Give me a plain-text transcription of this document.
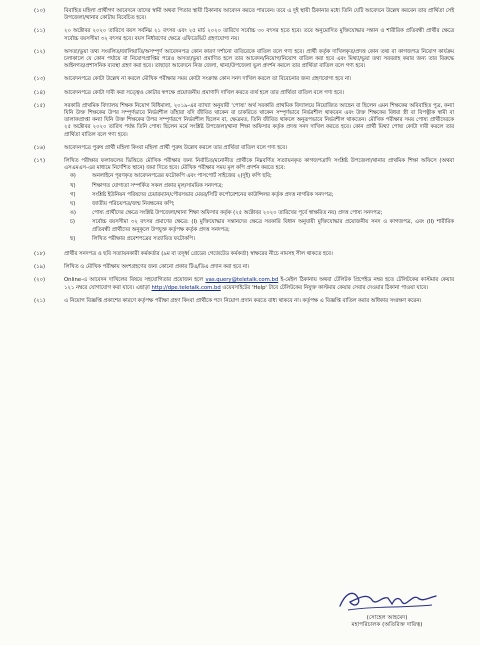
(১০)	বিবাহিত মহিলা প্রার্থীগণ আবেদনে তাদের স্বামী অথবা পিতার স্থায়ী ঠিকানায় আবেদন করতে পারবেন। তবে এ দুই স্থায়ী ঠিকানার মধ্যে তিনি যেটি আবেদনে উল্লেখ করবেন তার প্রার্থিতা সেই উপজেলা/থানার কোটায় বিবেচিত হবে।
(১১)	২০ অক্টোবর ২০২০ তারিখে বয়স সর্বনিম্ন ২১ বৎসর এবং ২৫ মার্চ ২০২০ তারিখে সর্বোচ্চ ৩০ বৎসর হতে হবে। তবে অনুমোদিত মুক্তিযোদ্ধার সন্তান ও শারীরিক প্রতিবন্ধী প্রার্থীর ক্ষেত্রে সর্বোচ্চ বয়সসীমা ৩২ বৎসর হবে। বয়স নির্ধারণের ক্ষেত্রে এফিডেভিট গ্রহণযোগ্য নয়।
(১২)	অসত্য/ভুয়া তথ্য সংবলিত/জালিয়াতি/অসম্পূর্ণ আবেদনপত্র কোন কারণ দর্শানো ব্যতিরেকে বাতিল বলে গণ্য হবে। প্রার্থী কর্তৃক দাখিলকৃত/প্রদত্ত কোন তথ্য বা কাগজপত্র নিয়োগ কার্যক্রম চলাকালে যে কোন পর্যায়ে বা নিয়োগপ্রাপ্তির পরেও অসত্য/ভুয়া প্রমাণিত হলে তার আবেদন/নিয়োগ/নিয়োগ বাতিল করা হবে এবং মিথ্যা/ভুয়া তথ্য সরবরাহ করার জন্য তার বিরুদ্ধে আইনগত/প্রশাসনিক ব্যবস্থা গ্রহণ করা হবে। তাছাড়া আবেদনে নিজ জেলা, থানা/উপজেলা ভুল প্রদর্শন করলে তার প্রার্থিতা বাতিল বলে গণ্য হবে।
(১৩)	আবেদনপত্রে কোটা উল্লেখ না করলে মৌখিক পরীক্ষার সময় কোটা সংক্রান্ত কোন সনদ দাখিল করলে তা বিবেচনার জন্য গ্রহণযোগ্য হবে না।
(১৪)	আবেদনপত্রে কোটা দাবী করা সত্ত্বেও কোটার স্বপক্ষে প্রয়োজনীয় প্রমাণাদি দাখিল করতে ব্যর্থ হলে তার প্রার্থিতা বাতিল বলে গণ্য হবে।
(১৫)	সরকারি প্রাথমিক বিদ্যালয় শিক্ষক নিয়োগ বিধিমালা, ২০১৯-এর ব্যাখ্যা অনুযায়ী 'পোষ্য' অর্থ সরকারি প্রাথমিক বিদ্যালয়ে নিয়োজিত আছেন বা ছিলেন এমন শিক্ষকের অবিবাহিত পুত্র, কন্যা যিনি উক্ত শিক্ষকের উপর সম্পূর্ণভাবে নির্ভরশীল তাঁহারা যদি জীবিত থাকেন বা চাকরিতে থাকেন সম্পূর্ণভাবে নির্ভরশীল থাকবেন এবং উক্ত শিক্ষকের বিধবা স্ত্রী বা বিপত্নীক স্বামী বা তালাকপ্রাপ্তা কন্যা যিনি উক্ত শিক্ষকের উপর সম্পূর্ণরূপে নির্ভরশীল ছিলেন বা, ক্ষেত্রমত, তিনি জীবিত থাকলে অনুরূপভাবে নির্ভরশীল থাকতেন। মৌখিক পরীক্ষার সময় পোষ্য প্রার্থীদেরকে ২৫ অক্টোবর ২০২০ তারিখ পর্যন্ত তিনি পোষ্য ছিলেন মর্মে সংশ্লিষ্ট উপজেলা/থানা শিক্ষা অফিসার কর্তৃক প্রদত্ত সনদ দাখিল করতে হবে। কোন প্রার্থী মিথ্যা পোষ্য কোটা দাবী করলে তার প্রার্থিতা বাতিল বলে গণ্য হবে।
(১৬)	আবেদনপত্রে পুরুষ প্রার্থী মহিলা কিংবা মহিলা প্রার্থী পুরুষ উল্লেখ করলে তার প্রার্থিতা বাতিল বলে গণ্য হবে।
(১৭)	লিখিত পরীক্ষার ফলাফলের ভিত্তিতে মৌখিক পরীক্ষার জন্য নির্বাচিত/মনোনীত প্রার্থীকে নিম্নবর্ণিত সত্যায়নকৃত কাগজপত্রাদি সংশ্লিষ্ট উপজেলা/থানার প্রাথমিক শিক্ষা অফিসে (অথবা এসএমএস-এর মাধ্যমে নির্দেশিত স্থানে) জমা দিতে হবে। মৌখিক পরীক্ষার সময় মূল কপি প্রদর্শন করতে হবে:
ক)	অনলাইনে পূরণকৃত আবেদনপত্রের ফটোকপি এবং পাসপোর্ট সাইজের ২(দুই) কপি ছবি;
খ)	শিক্ষাগত যোগ্যতা সম্পর্কিত সকল প্রকার মূল/সাময়িক সনদপত্র;
গ)	সংশ্লিষ্ট ইউনিয়ন পরিষদের চেয়ারম্যান/পৌরসভার মেয়র/সিটি কর্পোরেশনের কাউন্সিলর কর্তৃক প্রদত্ত নাগরিক সনদপত্র;
ঘ)	জাতীয় পরিচয়পত্র/জন্ম নিবন্ধনের কপি;
ঙ)	পোষ্য প্রার্থীদের ক্ষেত্রে সংশ্লিষ্ট উপজেলা/থানা শিক্ষা অফিসার কর্তৃক (২৫ অক্টোবর ২০২০ তারিখের পূর্বে স্বাক্ষরিত নয়) প্রদত্ত পোষ্য সনদপত্র;
চ)	সর্বোচ্চ বয়সসীমা ৩২ বৎসর প্রমাণের ক্ষেত্রে: (I) মুক্তিযোদ্ধার সন্তানদের ক্ষেত্রে সরকারি বিধান অনুযায়ী মুক্তিযোদ্ধার প্রয়োজনীয় সনদ ও কাগজপত্র, এবং (II) শারীরিক প্রতিবন্ধী প্রার্থীদের অনুকূলে উপযুক্ত কর্তৃপক্ষ কর্তৃক প্রদত্ত সনদপত্র;
ছ)	লিখিত পরীক্ষার প্রবেশপত্রের সত্যায়িত ফটোকপি।
(১৮)	প্রার্থীর সনদপত্র ও ছবি সত্যায়নকারী কর্মকর্তার (৯ম বা তদূর্ধ্ব গ্রেডের গেজেটেড কর্মকর্তা) স্বাক্ষরের নীচে নামসহ সীল থাকতে হবে।
(১৯)	লিখিত ও মৌখিক পরীক্ষায় অংশগ্রহণের জন্য কোনো প্রকার টিএ/ডিএ প্রদান করা হবে না।
(২০)	Online-এ আবেদন দাখিলের বিষয়ে সহযোগিতার প্রয়োজন হলে vas.query@teletalk.com.bd ই-মেইল ঠিকানায় অথবা টেলিটক প্রিপেইড নম্বর হতে টেলিটকের কাস্টমার কেয়ার ১২১ নম্বরে যোগাযোগ করা যাবে। এছাড়া http://dpe.teletalk.com.bd ওয়েবসাইটের 'Help' টাবে টেলিটকের নিযুক্ত কাস্টমার কেয়ার সেবার দেওয়ার ঠিকানা পাওয়া যাবে।
(২১)	এ নিয়োগ বিজ্ঞপ্তি প্রকাশের কারণে কর্তৃপক্ষ পরীক্ষা গ্রহণ কিংবা প্রার্থীকে পদে নিয়োগ প্রদান করতে বাধ্য থাকবে না। কর্তৃপক্ষ এ বিজ্ঞপ্তি বাতিল করার অধিকার সংরক্ষণ করেন।
(সোহেল আহমেদ)
মহাপরিচালক (অতিরিক্ত দায়িত্ব)
